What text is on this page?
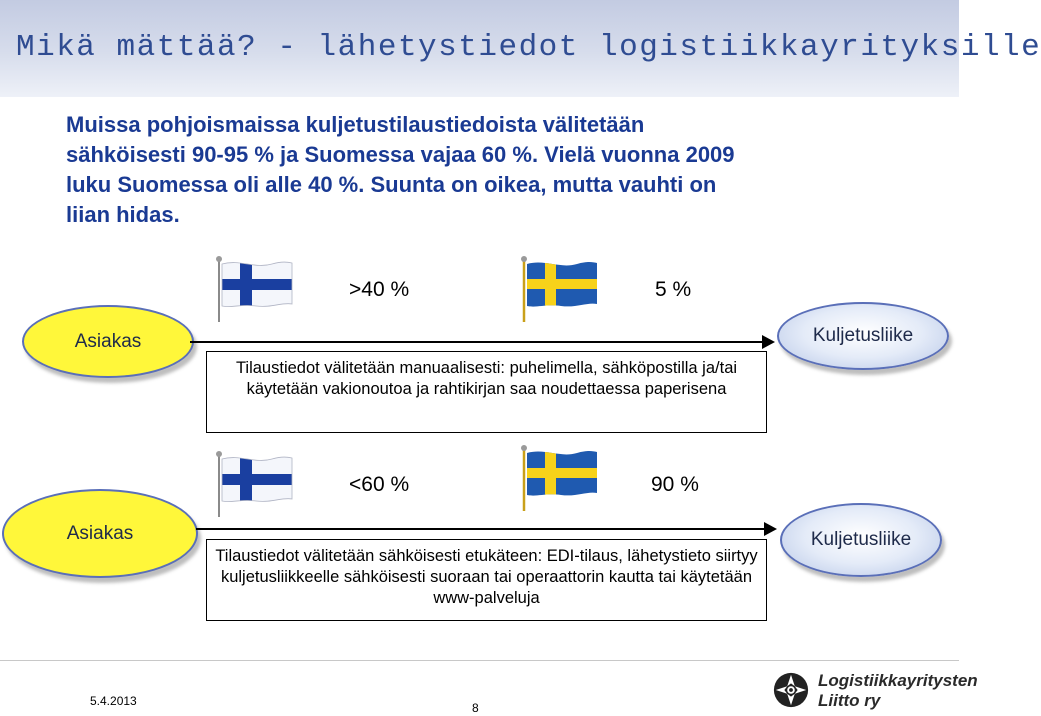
Mikä mättää? - lähetystiedot logistiikkayrityksille
Muissa pohjoismaissa kuljetustilaustiedoista välitetään sähköisesti 90-95 % ja Suomessa vajaa 60 %. Vielä vuonna 2009 luku Suomessa oli alle 40 %. Suunta on oikea, mutta vauhti on liian hidas.
>40 %	5 %
Asiakas	Kuljetusliike
Tilaustiedot välitetään manuaalisesti: puhelimella, sähköpostilla ja/tai käytetään vakionoutoa ja rahtikirjan saa noudettaessa paperisena
<60 %	90 %
Asiakas	Kuljetusliike
Tilaustiedot välitetään sähköisesti etukäteen: EDI-tilaus, lähetystieto siirtyy kuljetusliikkeelle sähköisesti suoraan tai operaattorin kautta tai käytetään www-palveluja
5.4.2013	8
Logistiikkayritysten
Liitto ry
